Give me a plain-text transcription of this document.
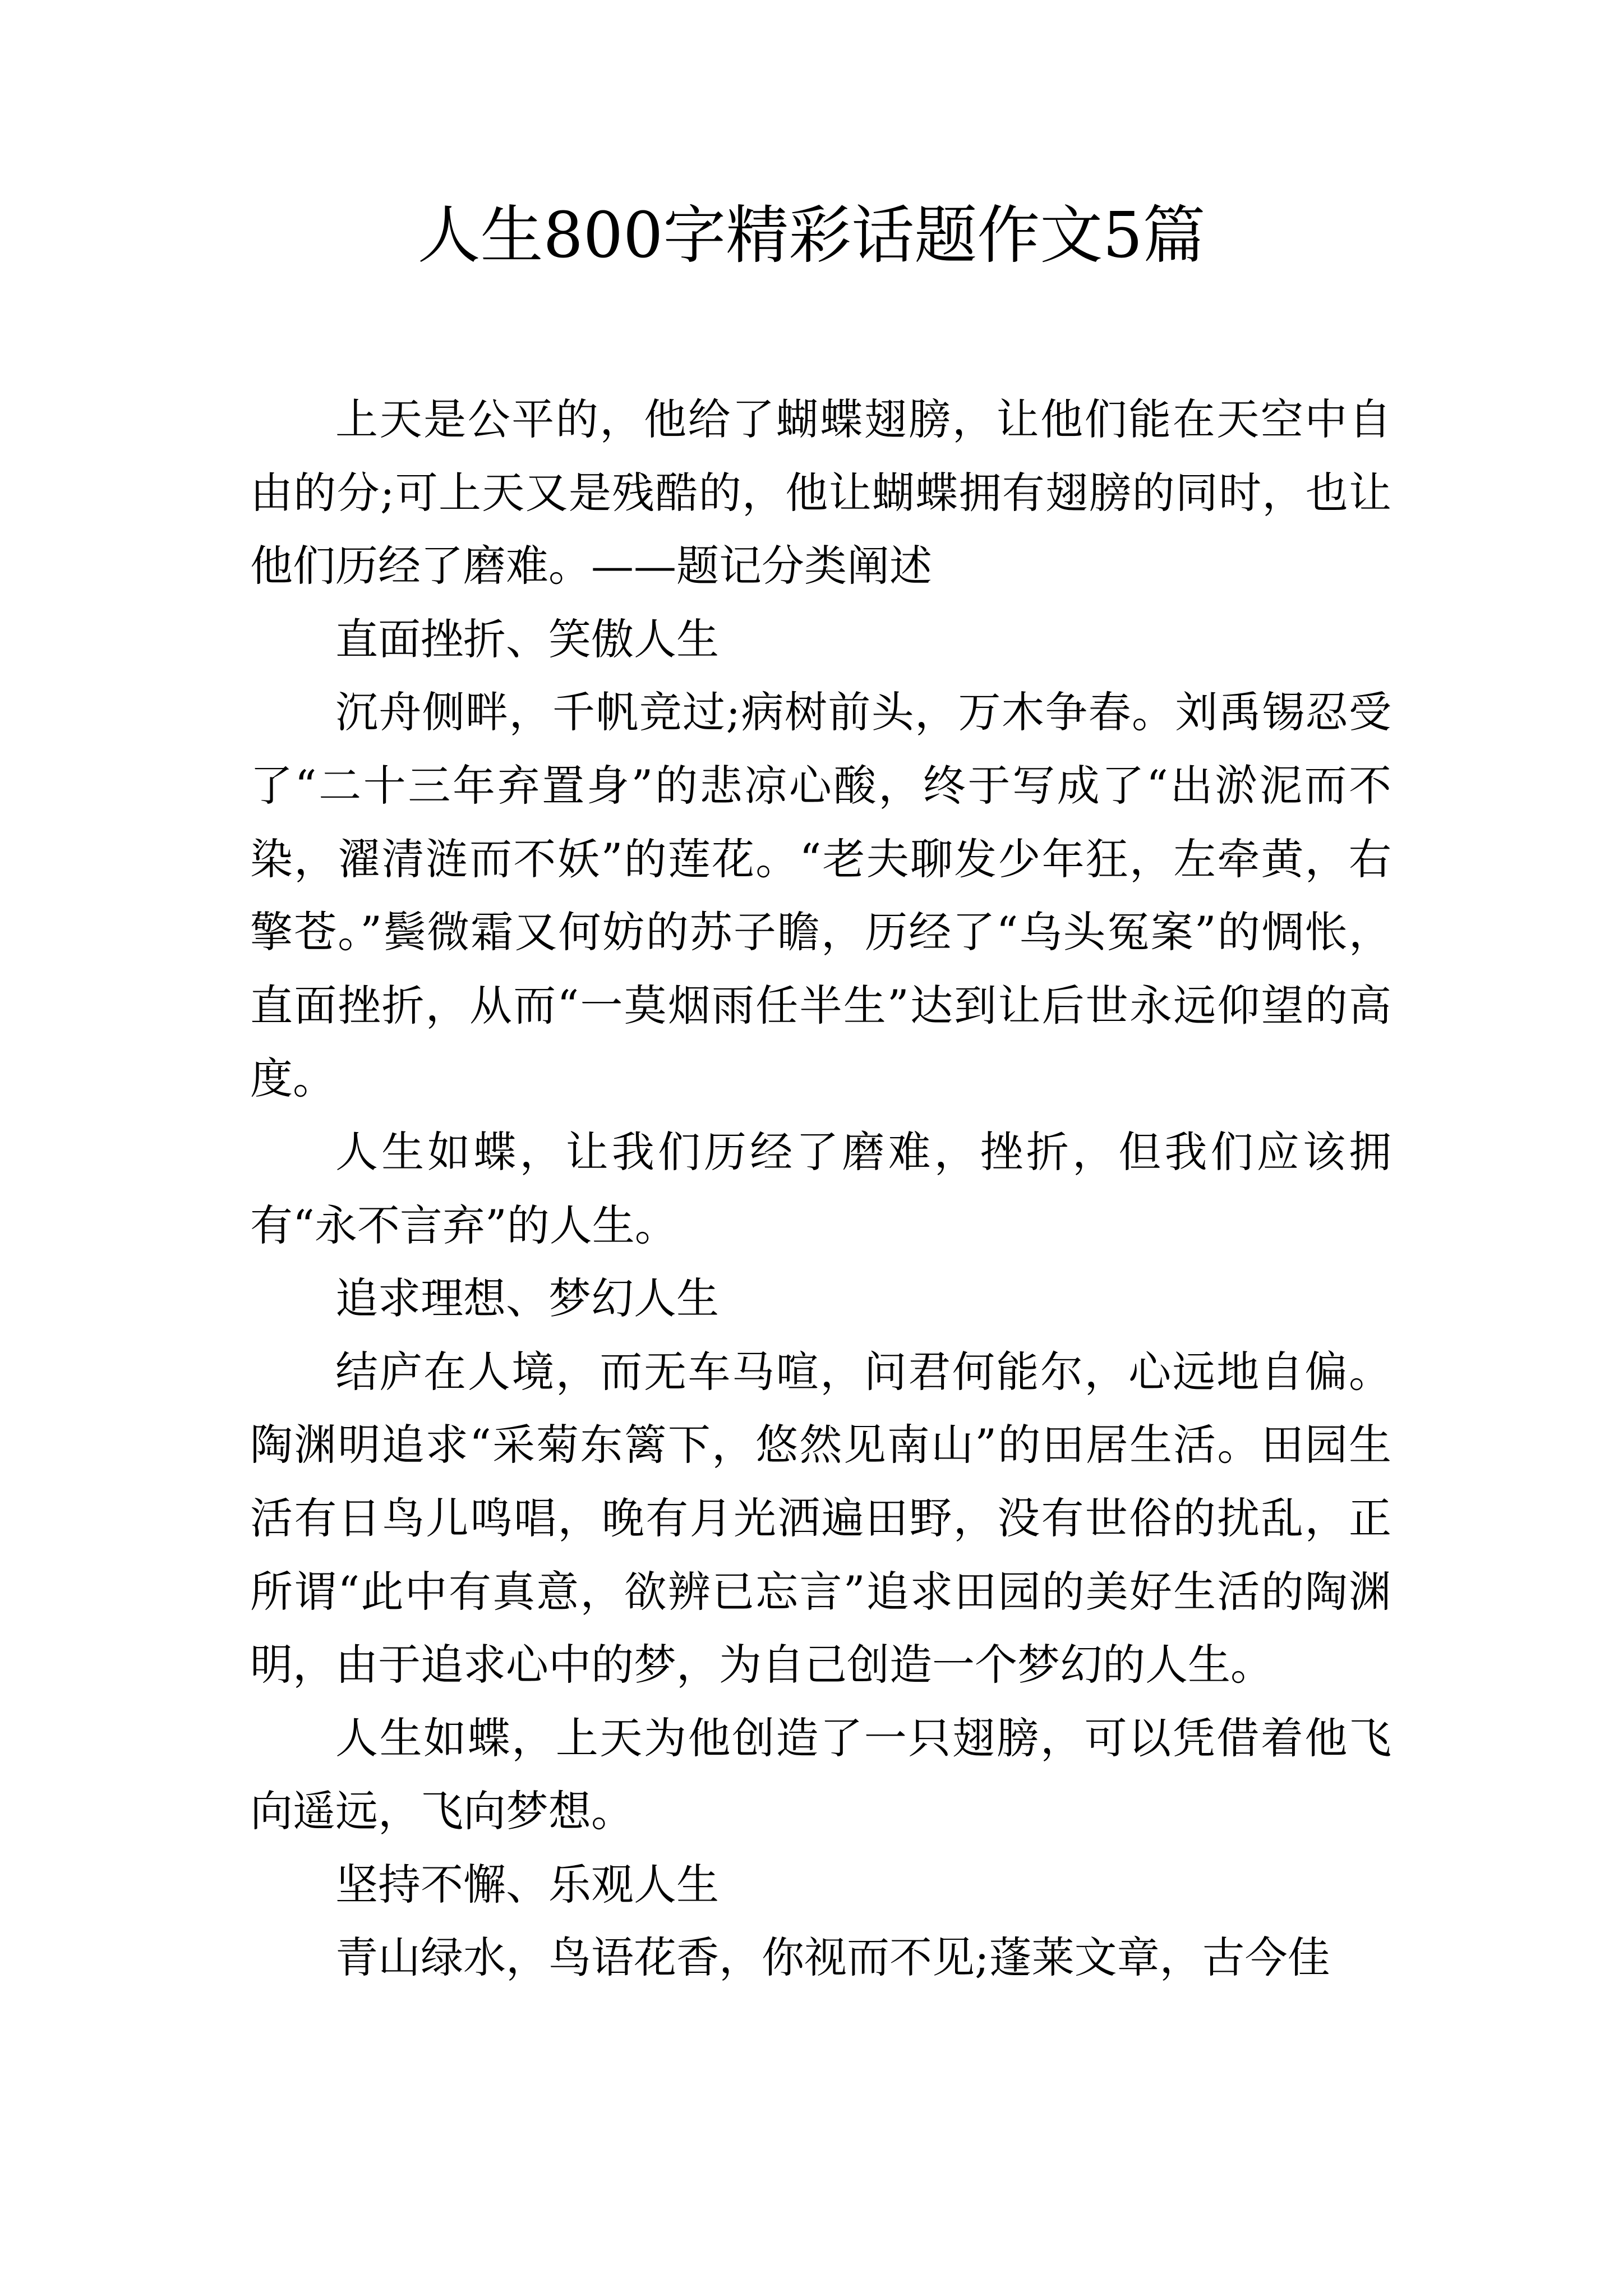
人生800字精彩话题作文5篇

上天是公平的，他给了蝴蝶翅膀，让他们能在天空中自由的分;可上天又是残酷的，他让蝴蝶拥有翅膀的同时，也让他们历经了磨难。——题记分类阐述

直面挫折、笑傲人生

沉舟侧畔，千帆竞过;病树前头，万木争春。刘禹锡忍受了“二十三年弃置身”的悲凉心酸，终于写成了“出淤泥而不染，濯清涟而不妖”的莲花。“老夫聊发少年狂，左牵黄，右擎苍。”鬓微霜又何妨的苏子瞻，历经了“乌头冤案”的惆怅，直面挫折，从而“一莫烟雨任半生”达到让后世永远仰望的高度。

人生如蝶，让我们历经了磨难，挫折，但我们应该拥有“永不言弃”的人生。

追求理想、梦幻人生

结庐在人境，而无车马喧，问君何能尔，心远地自偏。陶渊明追求“采菊东篱下，悠然见南山”的田居生活。田园生活有日鸟儿鸣唱，晚有月光洒遍田野，没有世俗的扰乱，正所谓“此中有真意，欲辨已忘言”追求田园的美好生活的陶渊明，由于追求心中的梦，为自己创造一个梦幻的人生。

人生如蝶，上天为他创造了一只翅膀，可以凭借着他飞向遥远，飞向梦想。

坚持不懈、乐观人生

青山绿水，鸟语花香，你视而不见;蓬莱文章，古今佳
